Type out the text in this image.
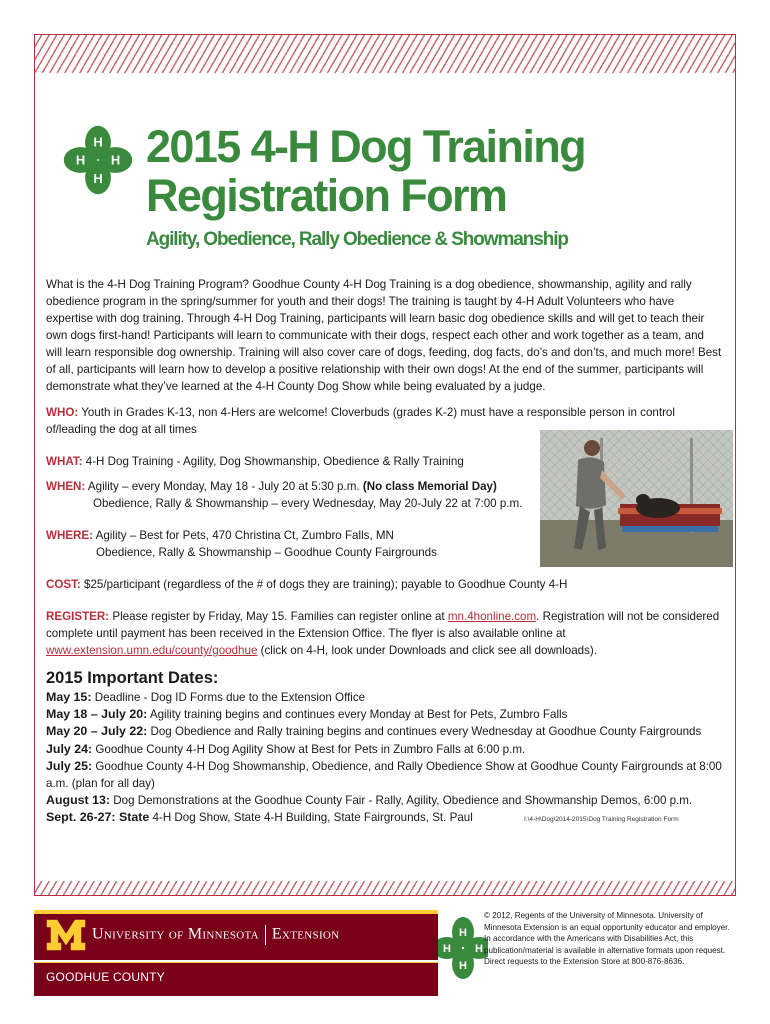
H
H
H H 2015 4-H Dog Training
Registration Form
Agility, Obedience, Rally Obedience & Showmanship

What is the 4-H Dog Training Program? Goodhue County 4-H Dog Training is a dog obedience, showmanship, agility and rally obedience program in the spring/summer for youth and their dogs! The training is taught by 4-H Adult Volunteers who have expertise with dog training. Through 4-H Dog Training, participants will learn basic dog obedience skills and will get to teach their own dogs first-hand! Participants will learn to communicate with their dogs, respect each other and work together as a team, and will learn responsible dog ownership. Training will also cover care of dogs, feeding, dog facts, do’s and don’ts, and much more! Best of all, participants will learn how to develop a positive relationship with their own dogs! At the end of the summer, participants will demonstrate what they’ve learned at the 4-H County Dog Show while being evaluated by a judge.

WHO: Youth in Grades K-13, non 4-Hers are welcome! Cloverbuds (grades K-2) must have a responsible person in control of/leading the dog at all times

WHAT: 4-H Dog Training - Agility, Dog Showmanship, Obedience & Rally Training

WHEN: Agility – every Monday, May 18 - July 20 at 5:30 p.m. (No class Memorial Day)

Obedience, Rally & Showmanship – every Wednesday, May 20-July 22 at 7:00 p.m.

WHERE: Agility – Best for Pets, 470 Christina Ct, Zumbro Falls, MN

Obedience, Rally & Showmanship – Goodhue County Fairgrounds

COST: $25/participant (regardless of the # of dogs they are training); payable to Goodhue County 4-H

REGISTER: Please register by Friday, May 15. Families can register online at mn.4honline.com. Registration will not be considered complete until payment has been received in the Extension Office. The flyer is also available online at www.extension.umn.edu/county/goodhue (click on 4-H, look under Downloads and click see all downloads).

2015 Important Dates:
May 15: Deadline - Dog ID Forms due to the Extension Office
May 18 – July 20: Agility training begins and continues every Monday at Best for Pets, Zumbro Falls
May 20 – July 22: Dog Obedience and Rally training begins and continues every Wednesday at Goodhue County Fairgrounds
July 24: Goodhue County 4-H Dog Agility Show at Best for Pets in Zumbro Falls at 6:00 p.m.
July 25: Goodhue County 4-H Dog Showmanship, Obedience, and Rally Obedience Show at Goodhue County Fairgrounds at 8:00 a.m. (plan for all day)
August 13: Dog Demonstrations at the Goodhue County Fair - Rally, Agility, Obedience and Showmanship Demos, 6:00 p.m.
Sept. 26-27: State 4-H Dog Show, State 4-H Building, State Fairgrounds, St. Paul	I:\4-H\Dog\2014-2015\Dog Training Registration Form
University of Minnesota Extension
GOODHUE COUNTY
H
H
H H

© 2012, Regents of the University of Minnesota. University of Minnesota Extension is an equal opportunity educator and employer. In accordance with the Americans with Disabilities Act, this publication/material is available in alternative formats upon request. Direct requests to the Extension Store at 800-876-8636.
